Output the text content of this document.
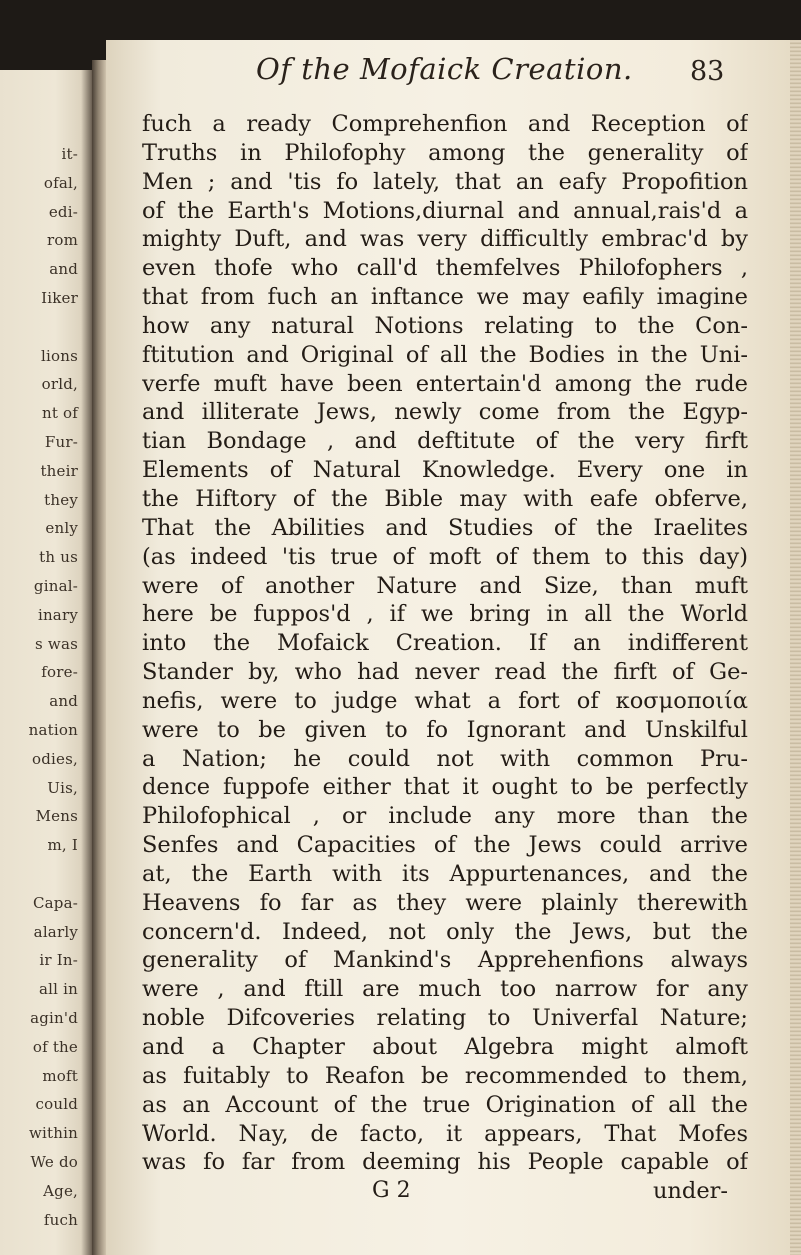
it-
ofal,
edi-
rom
and
Iiker
lions
orld,
nt of
Fur-
their
they
enly
th us
ginal-
inary
s was
fore-
and
nation
odies,
Uis,
Mens
m, I
Capa-
alarly
ir In-
all in
agin'd
of the
moft
could
within
We do
Age,
fuch
Of the Mofaick Creation. 83
fuch a ready Comprehenfion and Reception of
Truths in Philofophy among the generality of
Men ; and 'tis fo lately, that an eafy Propofition
of the Earth's Motions,diurnal and annual,rais'd a
mighty Duft, and was very difficultly embrac'd by
even thofe who call'd themfelves Philofophers ,
that from fuch an inftance we may eafily imagine
how any natural Notions relating to the Con-
ftitution and Original of all the Bodies in the Uni-
verfe muft have been entertain'd among the rude
and illiterate Jews, newly come from the Egyp-
tian Bondage , and deftitute of the very firft
Elements of Natural Knowledge. Every one in
the Hiftory of the Bible may with eafe obferve,
That the Abilities and Studies of the Iraelites
(as indeed 'tis true of moft of them to this day)
were of another Nature and Size, than muft
here be fuppos'd , if we bring in all the World
into the Mofaick Creation. If an indifferent
Stander by, who had never read the firft of Ge-
nefis, were to judge what a fort of κοσμοποιία
were to be given to fo Ignorant and Unskilful
a Nation; he could not with common Pru-
dence fuppofe either that it ought to be perfectly
Philofophical , or include any more than the
Senfes and Capacities of the Jews could arrive
at, the Earth with its Appurtenances, and the
Heavens fo far as they were plainly therewith
concern'd. Indeed, not only the Jews, but the
generality of Mankind's Apprehenfions always
were , and ftill are much too narrow for any
noble Difcoveries relating to Univerfal Nature;
and a Chapter about Algebra might almoft
as fuitably to Reafon be recommended to them,
as an Account of the true Origination of all the
World. Nay, de facto, it appears, That Mofes
was fo far from deeming his People capable of
G 2	under-
